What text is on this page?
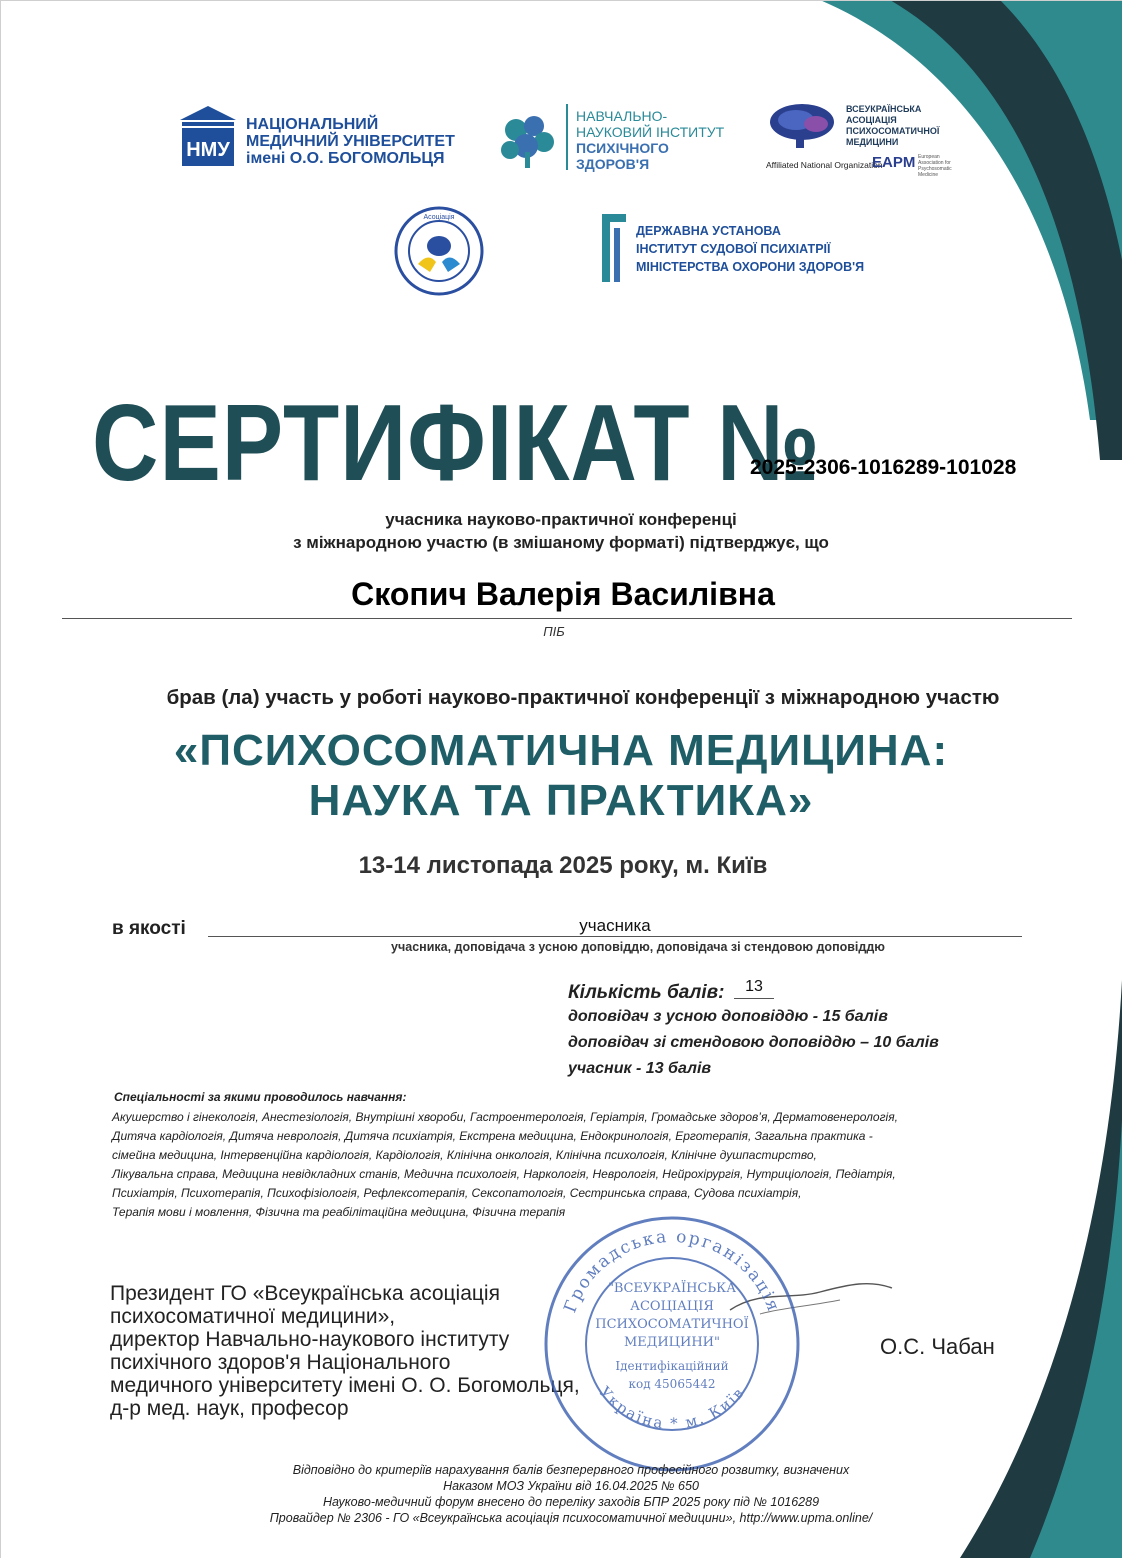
НМУ
НАЦІОНАЛЬНИЙ
МЕДИЧНИЙ УНІВЕРСИТЕТ
імені О.О. БОГОМОЛЬЦЯ
НАВЧАЛЬНО-
НАУКОВИЙ ІНСТИТУТ
ПСИХІЧНОГО
ЗДОРОВ'Я
ВСЕУКРАЇНСЬКА
АСОЦІАЦІЯ
ПСИХОСОМАТИЧНОЇ
МЕДИЦИНИ
Affiliated National Organization
EAPM European Association for Psychosomatic Medicine
Асоціація
ДЕРЖАВНА УСТАНОВА
ІНСТИТУТ СУДОВОЇ ПСИХІАТРІЇ
МІНІСТЕРСТВА ОХОРОНИ ЗДОРОВ'Я
СЕРТИФІКАТ №
2025-2306-1016289-101028
учасника науково-практичної конференці
з міжнародною участю (в змішаному форматі) підтверджує, що
Скопич Валерія Василівна
ПІБ
брав (ла) участь у роботі науково-практичної конференції з міжнародною участю
«ПСИХОСОМАТИЧНА МЕДИЦИНА:
НАУКА ТА ПРАКТИКА»
13-14 листопада 2025 року, м. Київ
в якості	учасника
учасника, доповідача з усною доповіддю, доповідача зі стендовою доповіддю
Кількість балів:	13
доповідач з усною доповіддю - 15 балів
доповідач зі стендовою доповіддю – 10 балів
учасник - 13 балів
Спеціальності за якими проводилось навчання:
Акушерство і гінекологія, Анестезіологія, Внутрішні хвороби, Гастроентерологія, Геріатрія, Громадське здоров’я, Дерматовенерологія,
Дитяча кардіологія, Дитяча неврологія, Дитяча психіатрія, Екстрена медицина, Ендокринологія, Ерготерапія, Загальна практика -
сімейна медицина, Інтервенційна кардіологія, Кардіологія, Клінічна онкологія, Клінічна психологія, Клінічне душпастирство,
Лікувальна справа, Медицина невідкладних станів, Медична психологія, Наркологія, Неврологія, Нейрохірургія, Нутриціологія, Педіатрія,
Психіатрія, Психотерапія, Психофізіологія, Рефлексотерапія, Сексопатологія, Сестринська справа, Судова психіатрія,
Терапія мови і мовлення, Фізична та реабілітаційна медицина, Фізична терапія
Президент ГО «Всеукраїнська асоціація
психосоматичної медицини»,
директор Навчально-наукового інституту
психічного здоров'я Національного
медичного університету імені О. О. Богомольця,
д-р мед. наук, професор
О.С. Чабан
Громадська організація
Україна * м. Київ
"ВСЕУКРАЇНСЬКА
АСОЦІАЦІЯ
ПСИХОСОМАТИЧНОЇ
МЕДИЦИНИ"
Ідентифікаційний
код 45065442
Відповідно до критеріїв нарахування балів безперервного професійного розвитку, визначених
Наказом МОЗ України від 16.04.2025 № 650
Науково-медичний форум внесено до переліку заходів БПР 2025 року під № 1016289
Провайдер № 2306 - ГО «Всеукраїнська асоціація психосоматичної медицини», http://www.upma.online/
